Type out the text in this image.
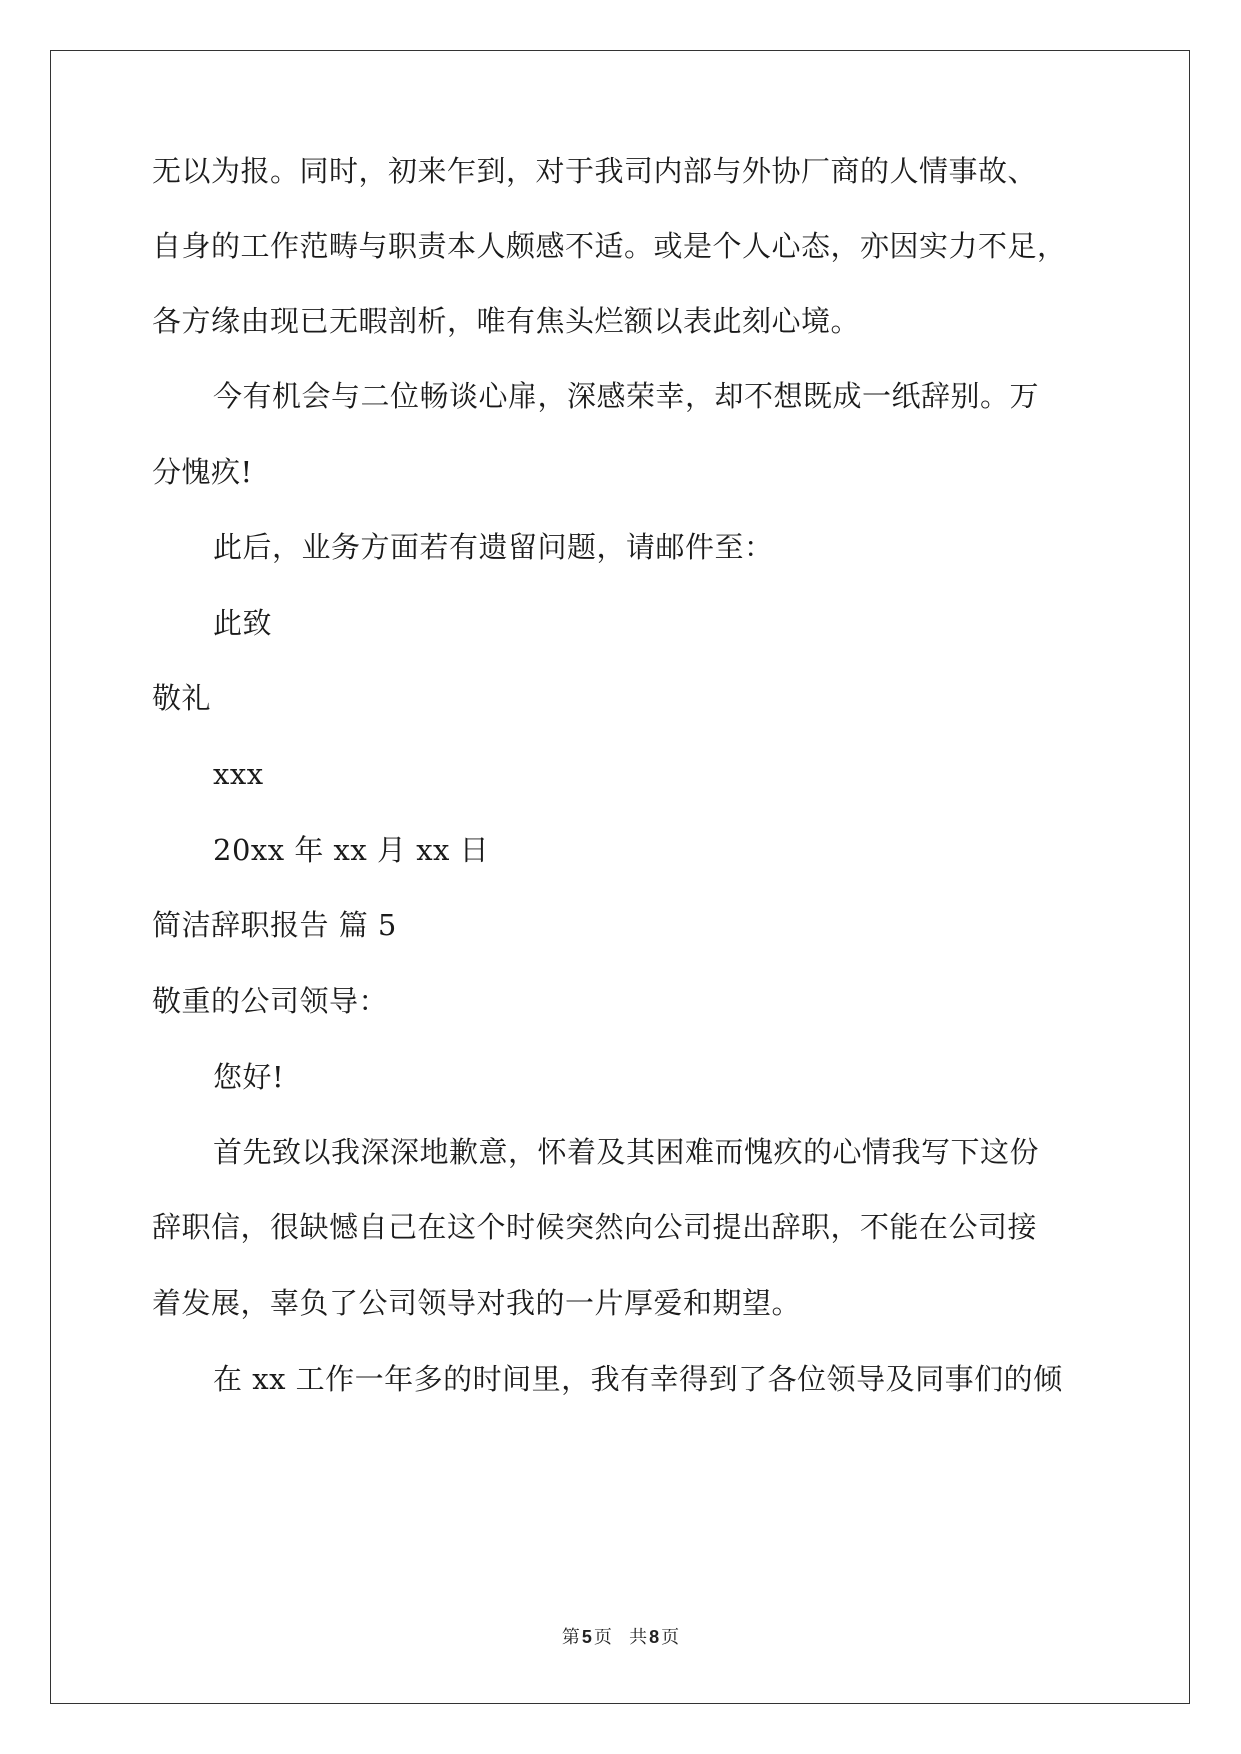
无以为报。同时，初来乍到，对于我司内部与外协厂商的人情事故、
自身的工作范畴与职责本人颇感不适。或是个人心态，亦因实力不足，
各方缘由现已无暇剖析，唯有焦头烂额以表此刻心境。
今有机会与二位畅谈心扉，深感荣幸，却不想既成一纸辞别。万
分愧疚!
此后，业务方面若有遗留问题，请邮件至：
此致
敬礼
xxx
20xx 年 xx 月 xx 日
简洁辞职报告 篇 5
敬重的公司领导：
您好!
首先致以我深深地歉意，怀着及其困难而愧疚的心情我写下这份
辞职信，很缺憾自己在这个时候突然向公司提出辞职，不能在公司接
着发展，辜负了公司领导对我的一片厚爱和期望。
在 xx 工作一年多的时间里，我有幸得到了各位领导及同事们的倾
第 5 页   共 8 页
